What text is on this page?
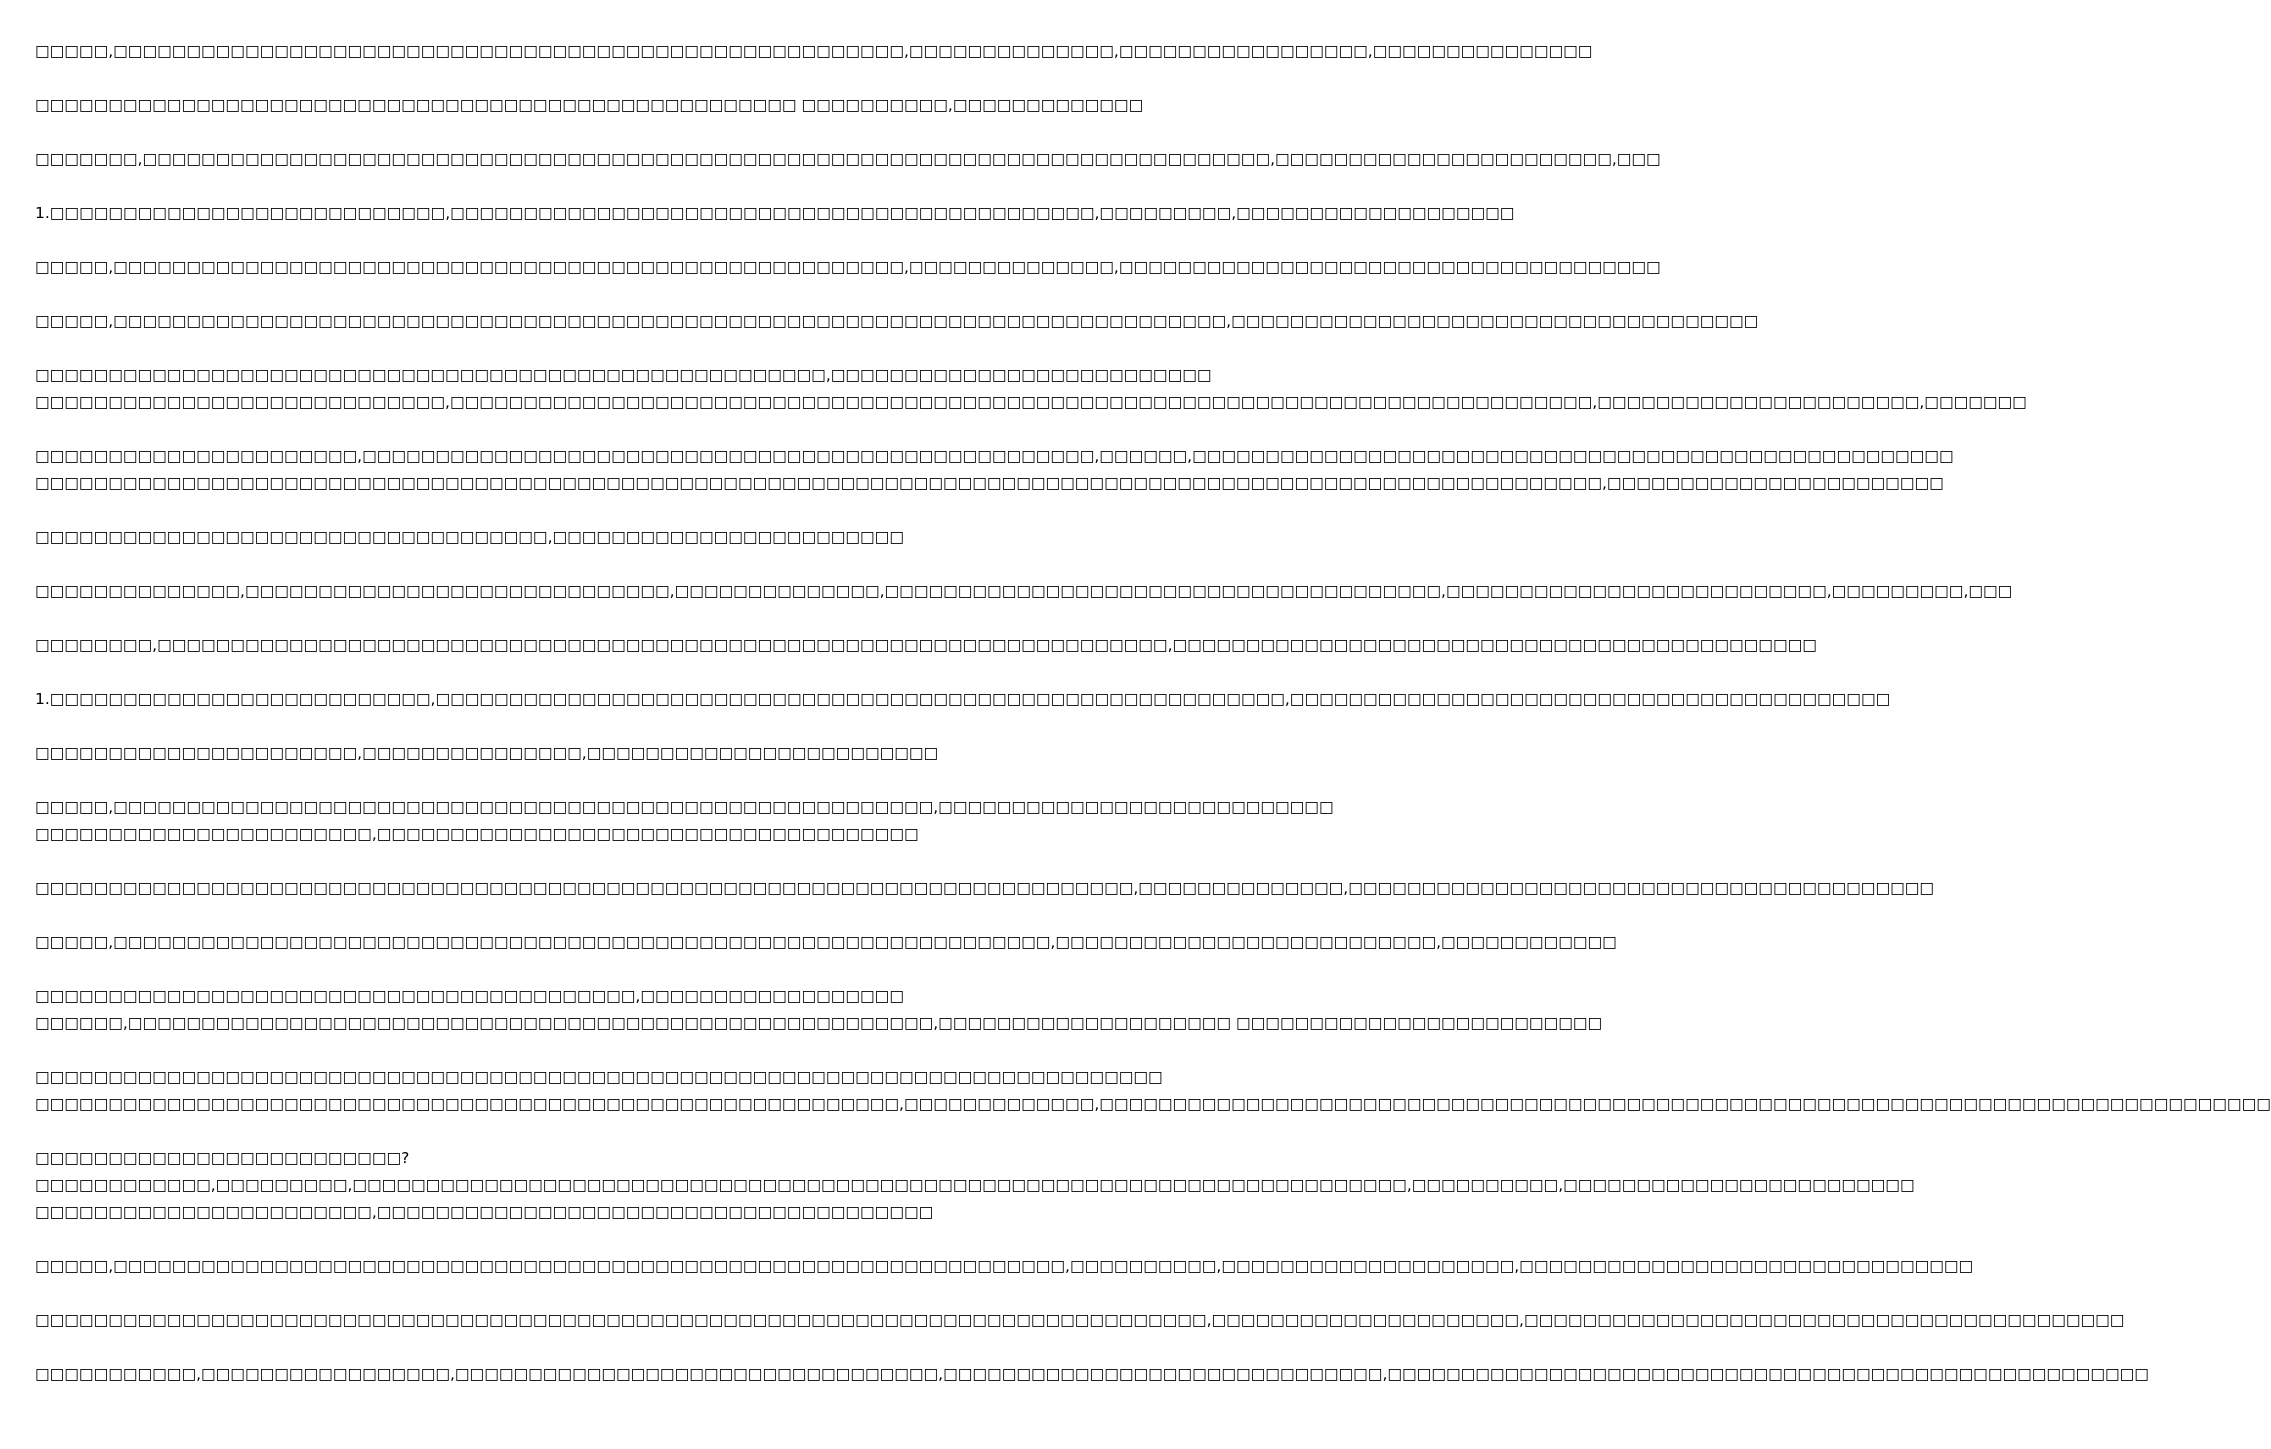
□□□□□,□□□□□□□□□□□□□□□□□□□□□□□□□□□□□□□□□□□□□□□□□□□□□□□□□□□□□□,□□□□□□□□□□□□□□,□□□□□□□□□□□□□□□□□,□□□□□□□□□□□□□□□

□□□□□□□□□□□□□□□□□□□□□□□□□□□□□□□□□□□□□□□□□□□□□□□□□□□□ □□□□□□□□□□,□□□□□□□□□□□□□

□□□□□□□,□□□□□□□□□□□□□□□□□□□□□□□□□□□□□□□□□□□□□□□□□□□□□□□□□□□□□□□□□□□□□□□□□□□□□□□□□□□□□,□□□□□□□□□□□□□□□□□□□□□□□,□□□

1.□□□□□□□□□□□□□□□□□□□□□□□□□□□,□□□□□□□□□□□□□□□□□□□□□□□□□□□□□□□□□□□□□□□□□□□□,□□□□□□□□□,□□□□□□□□□□□□□□□□□□□

□□□□□,□□□□□□□□□□□□□□□□□□□□□□□□□□□□□□□□□□□□□□□□□□□□□□□□□□□□□□,□□□□□□□□□□□□□□,□□□□□□□□□□□□□□□□□□□□□□□□□□□□□□□□□□□□□

□□□□□,□□□□□□□□□□□□□□□□□□□□□□□□□□□□□□□□□□□□□□□□□□□□□□□□□□□□□□□□□□□□□□□□□□□□□□□□□□□□,□□□□□□□□□□□□□□□□□□□□□□□□□□□□□□□□□□□□

□□□□□□□□□□□□□□□□□□□□□□□□□□□□□□□□□□□□□□□□□□□□□□□□□□□□□□,□□□□□□□□□□□□□□□□□□□□□□□□□□
□□□□□□□□□□□□□□□□□□□□□□□□□□□□,□□□□□□□□□□□□□□□□□□□□□□□□□□□□□□□□□□□□□□□□□□□□□□□□□□□□□□□□□□□□□□□□□□□□□□□□□□□□□□,□□□□□□□□□□□□□□□□□□□□□□,□□□□□□□

□□□□□□□□□□□□□□□□□□□□□□,□□□□□□□□□□□□□□□□□□□□□□□□□□□□□□□□□□□□□□□□□□□□□□□□□□,□□□□□□,□□□□□□□□□□□□□□□□□□□□□□□□□□□□□□□□□□□□□□□□□□□□□□□□□□□□
□□□□□□□□□□□□□□□□□□□□□□□□□□□□□□□□□□□□□□□□□□□□□□□□□□□□□□□□□□□□□□□□□□□□□□□□□□□□□□□□□□□□□□□□□□□□□□□□□□□□□□□□□□□,□□□□□□□□□□□□□□□□□□□□□□□

□□□□□□□□□□□□□□□□□□□□□□□□□□□□□□□□□□□,□□□□□□□□□□□□□□□□□□□□□□□□

□□□□□□□□□□□□□□,□□□□□□□□□□□□□□□□□□□□□□□□□□□□□,□□□□□□□□□□□□□□,□□□□□□□□□□□□□□□□□□□□□□□□□□□□□□□□□□□□□□,□□□□□□□□□□□□□□□□□□□□□□□□□□,□□□□□□□□□,□□□

□□□□□□□□,□□□□□□□□□□□□□□□□□□□□□□□□□□□□□□□□□□□□□□□□□□□□□□□□□□□□□□□□□□□□□□□□□□□□□,□□□□□□□□□□□□□□□□□□□□□□□□□□□□□□□□□□□□□□□□□□□□

1.□□□□□□□□□□□□□□□□□□□□□□□□□□,□□□□□□□□□□□□□□□□□□□□□□□□□□□□□□□□□□□□□□□□□□□□□□□□□□□□□□□□□□,□□□□□□□□□□□□□□□□□□□□□□□□□□□□□□□□□□□□□□□□□

□□□□□□□□□□□□□□□□□□□□□□,□□□□□□□□□□□□□□□,□□□□□□□□□□□□□□□□□□□□□□□□

□□□□□,□□□□□□□□□□□□□□□□□□□□□□□□□□□□□□□□□□□□□□□□□□□□□□□□□□□□□□□□,□□□□□□□□□□□□□□□□□□□□□□□□□□□
□□□□□□□□□□□□□□□□□□□□□□□,□□□□□□□□□□□□□□□□□□□□□□□□□□□□□□□□□□□□□

□□□□□□□□□□□□□□□□□□□□□□□□□□□□□□□□□□□□□□□□□□□□□□□□□□□□□□□□□□□□□□□□□□□□□□□□□□□,□□□□□□□□□□□□□□,□□□□□□□□□□□□□□□□□□□□□□□□□□□□□□□□□□□□□□□□

□□□□□,□□□□□□□□□□□□□□□□□□□□□□□□□□□□□□□□□□□□□□□□□□□□□□□□□□□□□□□□□□□□□□□□,□□□□□□□□□□□□□□□□□□□□□□□□□□,□□□□□□□□□□□□

□□□□□□□□□□□□□□□□□□□□□□□□□□□□□□□□□□□□□□□□□,□□□□□□□□□□□□□□□□□□
□□□□□□,□□□□□□□□□□□□□□□□□□□□□□□□□□□□□□□□□□□□□□□□□□□□□□□□□□□□□□□,□□□□□□□□□□□□□□□□□□□□ □□□□□□□□□□□□□□□□□□□□□□□□□

□□□□□□□□□□□□□□□□□□□□□□□□□□□□□□□□□□□□□□□□□□□□□□□□□□□□□□□□□□□□□□□□□□□□□□□□□□□□□
□□□□□□□□□□□□□□□□□□□□□□□□□□□□□□□□□□□□□□□□□□□□□□□□□□□□□□□□□□□,□□□□□□□□□□□□□,□□□□□□□□□□□□□□□□□□□□□□□□□□□□□□□□□□□□□□□□□□□□□□□□□□□□□□□□□□□□□□□□□□□□□□□□□□□□□□□□

□□□□□□□□□□□□□□□□□□□□□□□□□?
□□□□□□□□□□□□,□□□□□□□□□,□□□□□□□□□□□□□□□□□□□□□□□□□□□□□□□□□□□□□□□□□□□□□□□□□□□□□□□□□□□□□□□□□□□□□□□□,□□□□□□□□□□,□□□□□□□□□□□□□□□□□□□□□□□□
□□□□□□□□□□□□□□□□□□□□□□□,□□□□□□□□□□□□□□□□□□□□□□□□□□□□□□□□□□□□□□

□□□□□,□□□□□□□□□□□□□□□□□□□□□□□□□□□□□□□□□□□□□□□□□□□□□□□□□□□□□□□□□□□□□□□□□,□□□□□□□□□□,□□□□□□□□□□□□□□□□□□□□,□□□□□□□□□□□□□□□□□□□□□□□□□□□□□□□

□□□□□□□□□□□□□□□□□□□□□□□□□□□□□□□□□□□□□□□□□□□□□□□□□□□□□□□□□□□□□□□□□□□□□□□□□□□□□□□□,□□□□□□□□□□□□□□□□□□□□□,□□□□□□□□□□□□□□□□□□□□□□□□□□□□□□□□□□□□□□□□□

□□□□□□□□□□□,□□□□□□□□□□□□□□□□□,□□□□□□□□□□□□□□□□□□□□□□□□□□□□□□□□□,□□□□□□□□□□□□□□□□□□□□□□□□□□□□□□,□□□□□□□□□□□□□□□□□□□□□□□□□□□□□□□□□□□□□□□□□□□□□□□□□□□□
